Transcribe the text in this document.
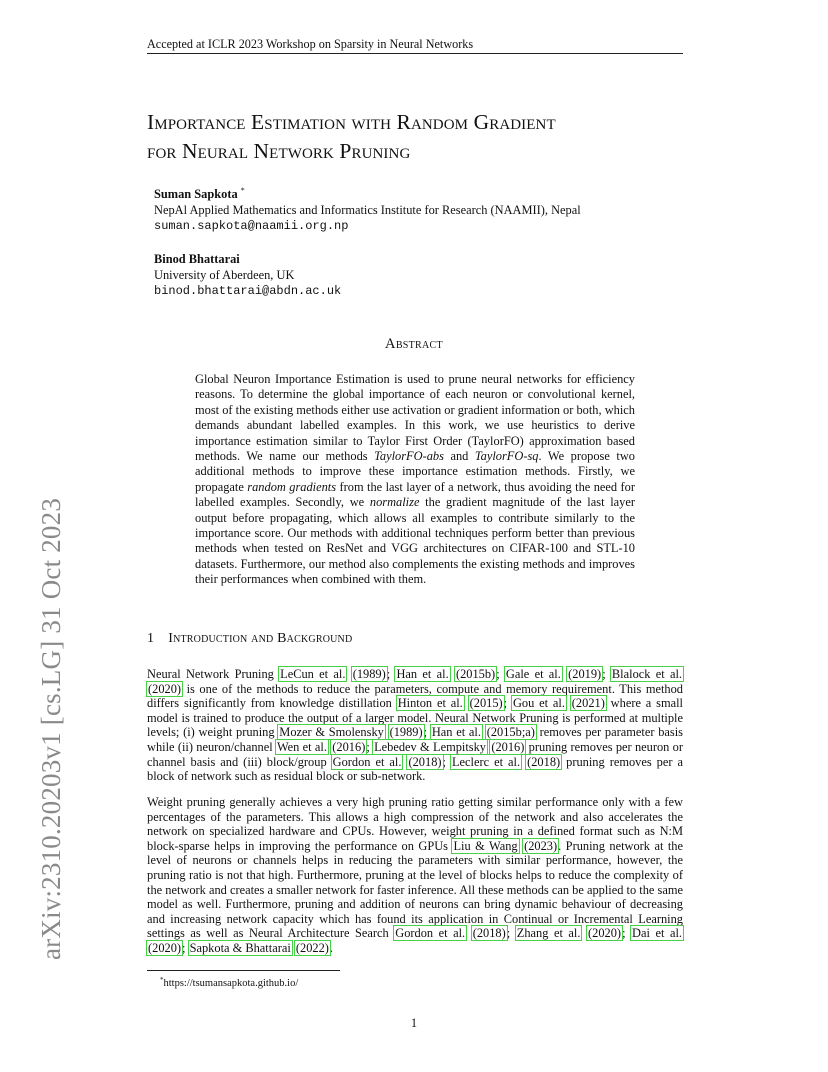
Accepted at ICLR 2023 Workshop on Sparsity in Neural Networks
arXiv:2310.20203v1 [cs.LG] 31 Oct 2023
Importance Estimation with Random Gradient
for Neural Network Pruning
Suman Sapkota *
NepAl Applied Mathematics and Informatics Institute for Research (NAAMII), Nepal
suman.sapkota@naamii.org.np
Binod Bhattarai
University of Aberdeen, UK
binod.bhattarai@abdn.ac.uk
Abstract
Global Neuron Importance Estimation is used to prune neural networks for efficiency reasons. To determine the global importance of each neuron or convolutional kernel, most of the existing methods either use activation or gradient information or both, which demands abundant labelled examples. In this work, we use heuristics to derive importance estimation similar to Taylor First Order (TaylorFO) approximation based methods. We name our methods TaylorFO-abs and TaylorFO-sq. We propose two additional methods to improve these importance estimation methods. Firstly, we propagate random gradients from the last layer of a network, thus avoiding the need for labelled examples. Secondly, we normalize the gradient magnitude of the last layer output before propagating, which allows all examples to contribute similarly to the importance score. Our methods with additional techniques perform better than previous methods when tested on ResNet and VGG architectures on CIFAR-100 and STL-10 datasets. Furthermore, our method also complements the existing methods and improves their performances when combined with them.
1 Introduction and Background
Neural Network Pruning LeCun et al. (1989); Han et al. (2015b); Gale et al. (2019); Blalock et al. (2020) is one of the methods to reduce the parameters, compute and memory requirement. This method differs significantly from knowledge distillation Hinton et al. (2015); Gou et al. (2021) where a small model is trained to produce the output of a larger model. Neural Network Pruning is performed at multiple levels; (i) weight pruning Mozer & Smolensky (1989); Han et al. (2015b;a) removes per parameter basis while (ii) neuron/channel Wen et al. (2016); Lebedev & Lempitsky (2016) pruning removes per neuron or channel basis and (iii) block/group Gordon et al. (2018); Leclerc et al. (2018) pruning removes per a block of network such as residual block or sub-network.
Weight pruning generally achieves a very high pruning ratio getting similar performance only with a few percentages of the parameters. This allows a high compression of the network and also accelerates the network on specialized hardware and CPUs. However, weight pruning in a defined format such as N:M block-sparse helps in improving the performance on GPUs Liu & Wang (2023). Pruning network at the level of neurons or channels helps in reducing the parameters with similar performance, however, the pruning ratio is not that high. Furthermore, pruning at the level of blocks helps to reduce the complexity of the network and creates a smaller network for faster inference. All these methods can be applied to the same model as well. Furthermore, pruning and addition of neurons can bring dynamic behaviour of decreasing and increasing network capacity which has found its application in Continual or Incremental Learning settings as well as Neural Architecture Search Gordon et al. (2018); Zhang et al. (2020); Dai et al. (2020); Sapkota & Bhattarai (2022).
*https://tsumansapkota.github.io/
1
